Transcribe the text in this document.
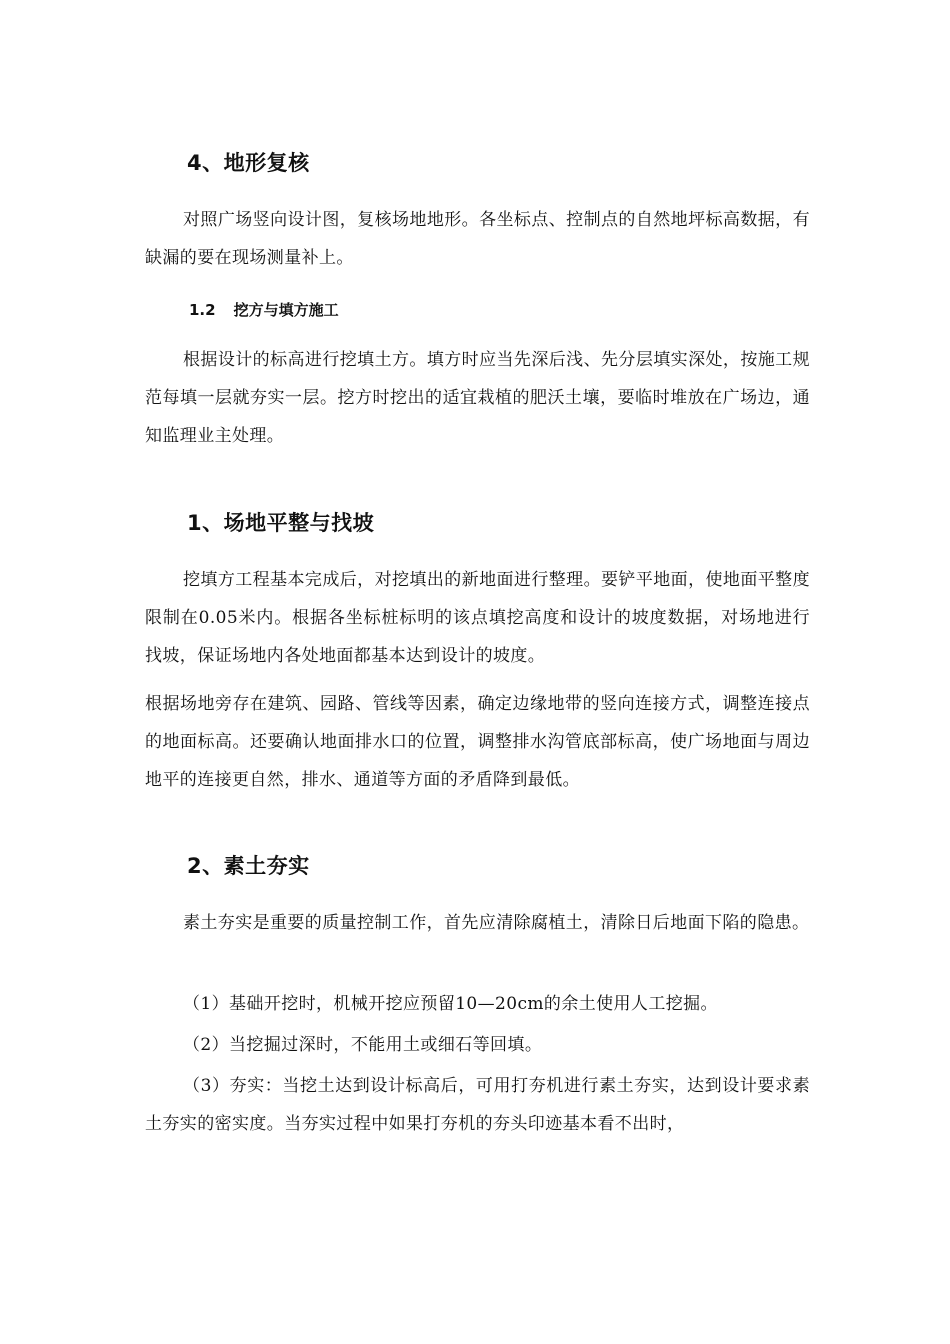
4、地形复核

对照广场竖向设计图，复核场地地形。各坐标点、控制点的自然地坪标高数据，有缺漏的要在现场测量补上。

1.2 挖方与填方施工

根据设计的标高进行挖填土方。填方时应当先深后浅、先分层填实深处，按施工规范每填一层就夯实一层。挖方时挖出的适宜栽植的肥沃土壤，要临时堆放在广场边，通知监理业主处理。

1、场地平整与找坡

挖填方工程基本完成后，对挖填出的新地面进行整理。要铲平地面，使地面平整度限制在0.05米内。根据各坐标桩标明的该点填挖高度和设计的坡度数据，对场地进行找坡，保证场地内各处地面都基本达到设计的坡度。

根据场地旁存在建筑、园路、管线等因素，确定边缘地带的竖向连接方式，调整连接点的地面标高。还要确认地面排水口的位置，调整排水沟管底部标高，使广场地面与周边地平的连接更自然，排水、通道等方面的矛盾降到最低。

2、素土夯实

素土夯实是重要的质量控制工作，首先应清除腐植土，清除日后地面下陷的隐患。

（1）基础开挖时，机械开挖应预留10—20cm的余土使用人工挖掘。

（2）当挖掘过深时，不能用土或细石等回填。

（3）夯实：当挖土达到设计标高后，可用打夯机进行素土夯实，达到设计要求素土夯实的密实度。当夯实过程中如果打夯机的夯头印迹基本看不出时，
